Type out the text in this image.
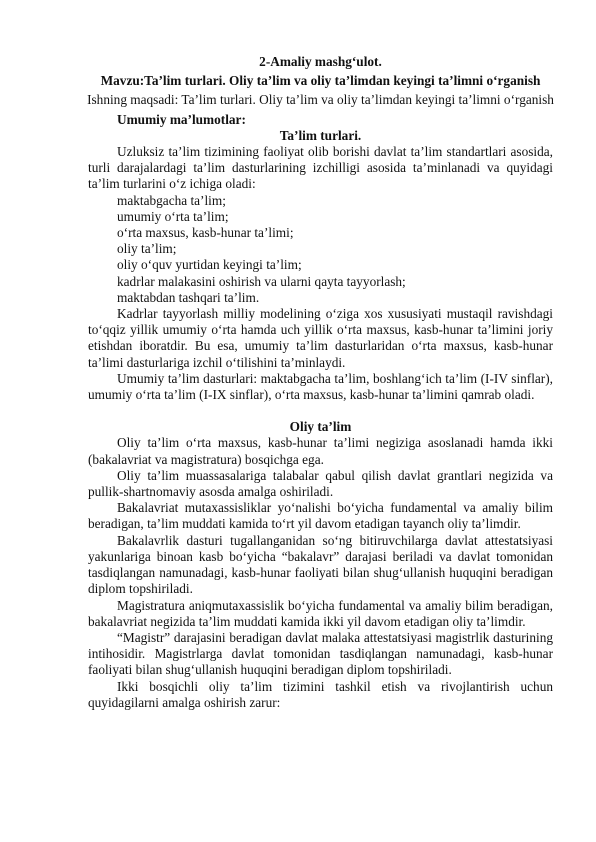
2-Amaliy mashg‘ulot.

Mavzu:Ta’lim turlari. Oliy ta’lim va oliy ta’limdan keyingi ta’limni o‘rganish

Ishning maqsadi: Ta’lim turlari. Oliy ta’lim va oliy ta’limdan keyingi ta’limni o‘rganish

Umumiy ma’lumotlar:

Ta’lim turlari.

Uzluksiz ta’lim tizimining faoliyat olib borishi davlat ta’lim standartlari asosida, turli darajalardagi ta’lim dasturlarining izchilligi asosida ta’minlanadi va quyidagi ta’lim turlarini o‘z ichiga oladi:

maktabgacha ta’lim;

umumiy o‘rta ta’lim;

o‘rta maxsus, kasb-hunar ta’limi;

oliy ta’lim;

oliy o‘quv yurtidan keyingi ta’lim;

kadrlar malakasini oshirish va ularni qayta tayyorlash;

maktabdan tashqari ta’lim.

Kadrlar tayyorlash milliy modelining o‘ziga xos xususiyati mustaqil ravishdagi to‘qqiz yillik umumiy o‘rta hamda uch yillik o‘rta maxsus, kasb-hunar ta’limini joriy etishdan iboratdir. Bu esa, umumiy ta’lim dasturlaridan o‘rta maxsus, kasb-hunar ta’limi dasturlariga izchil o‘tilishini ta’minlaydi.

Umumiy ta’lim dasturlari: maktabgacha ta’lim, boshlang‘ich ta’lim (I-IV sinflar), umumiy o‘rta ta’lim (I-IX sinflar), o‘rta maxsus, kasb-hunar ta’limini qamrab oladi.

Oliy ta’lim

Oliy ta’lim o‘rta maxsus, kasb-hunar ta’limi negiziga asoslanadi hamda ikki (bakalavriat va magistratura) bosqichga ega.

Oliy ta’lim muassasalariga talabalar qabul qilish davlat grantlari negizida va pullik-shartnomaviy asosda amalga oshiriladi.

Bakalavriat mutaxassisliklar yo‘nalishi bo‘yicha fundamental va amaliy bilim beradigan, ta’lim muddati kamida to‘rt yil davom etadigan tayanch oliy ta’limdir.

Bakalavrlik dasturi tugallanganidan so‘ng bitiruvchilarga davlat attestatsiyasi yakunlariga binoan kasb bo‘yicha “bakalavr” darajasi beriladi va davlat tomonidan tasdiqlangan namunadagi, kasb-hunar faoliyati bilan shug‘ullanish huquqini beradigan diplom topshiriladi.

Magistratura aniqmutaxassislik bo‘yicha fundamental va amaliy bilim beradigan, bakalavriat negizida ta’lim muddati kamida ikki yil davom etadigan oliy ta’limdir.

“Magistr” darajasini beradigan davlat malaka attestatsiyasi magistrlik dasturining intihosidir. Magistrlarga davlat tomonidan tasdiqlangan namunadagi, kasb-hunar faoliyati bilan shug‘ullanish huquqini beradigan diplom topshiriladi.

Ikki bosqichli oliy ta’lim tizimini tashkil etish va rivojlantirish uchun quyidagilarni amalga oshirish zarur:
